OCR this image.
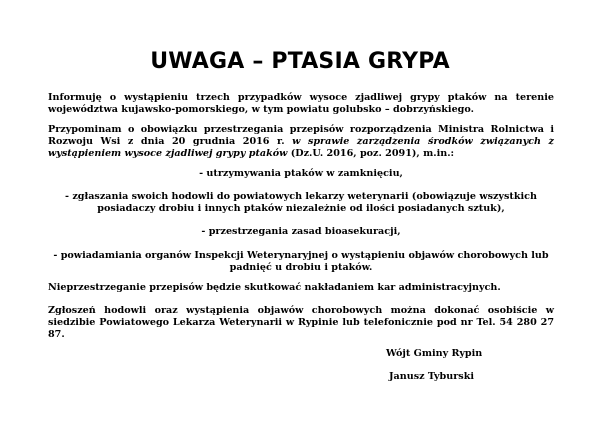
UWAGA – PTASIA GRYPA

Informuję o wystąpieniu trzech przypadków wysoce zjadliwej grypy ptaków na terenie województwa kujawsko-pomorskiego, w tym powiatu golubsko – dobrzyńskiego.

Przypominam o obowiązku przestrzegania przepisów rozporządzenia Ministra Rolnictwa i Rozwoju Wsi z dnia 20 grudnia 2016 r. w sprawie zarządzenia środków związanych z wystąpieniem wysoce zjadliwej grypy ptaków (Dz.U. 2016, poz. 2091), m.in.:

- utrzymywania ptaków w zamknięciu,

- zgłaszania swoich hodowli do powiatowych lekarzy weterynarii (obowiązuje wszystkich posiadaczy drobiu i innych ptaków niezależnie od ilości posiadanych sztuk),

- przestrzegania zasad bioasekuracji,

- powiadamiania organów Inspekcji Weterynaryjnej o wystąpieniu objawów chorobowych lub padnięć u drobiu i ptaków.

Nieprzestrzeganie przepisów będzie skutkować nakładaniem kar administracyjnych.

Zgłoszeń hodowli oraz wystąpienia objawów chorobowych można dokonać osobiście w siedzibie Powiatowego Lekarza Weterynarii w Rypinie lub telefonicznie pod nr Tel. 54 280 27 87.

Wójt Gminy Rypin

Janusz Tyburski
